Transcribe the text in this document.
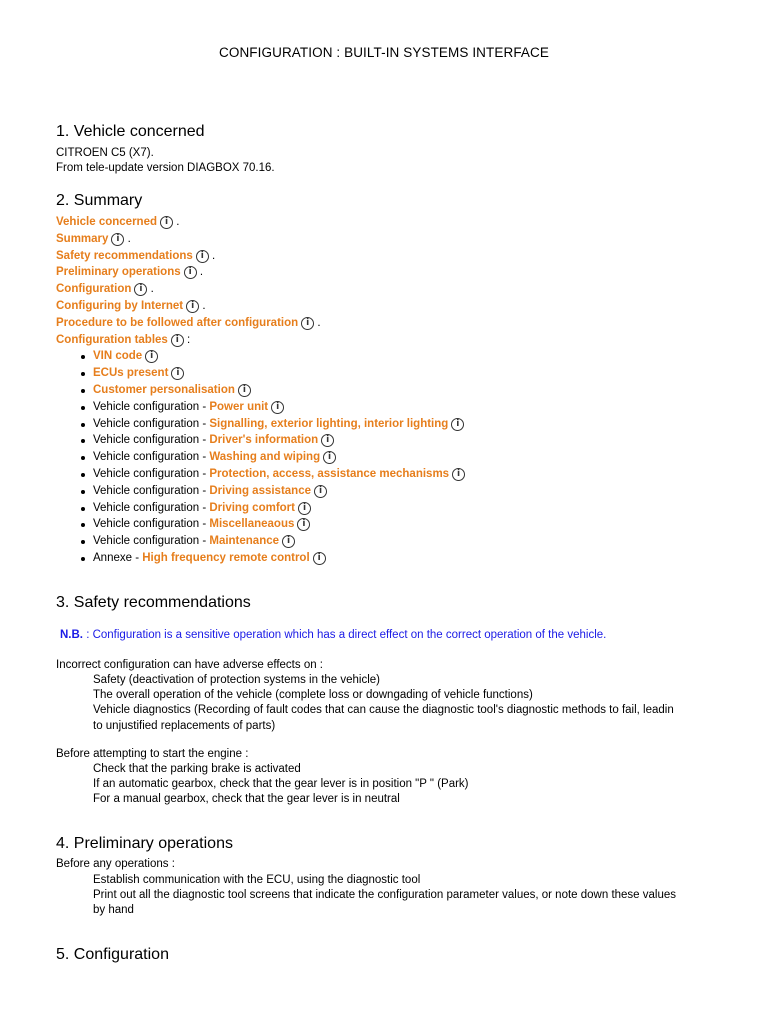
CONFIGURATION : BUILT-IN SYSTEMS INTERFACE
1. Vehicle concerned

CITROEN C5 (X7).

From tele-update version DIAGBOX 70.16.

2. Summary
Vehicle concerned i .
Summary i .
Safety recommendations i .
Preliminary operations i .
Configuration i .
Configuring by Internet i .
Procedure to be followed after configuration i .
Configuration tables i :
VIN code i
ECUs present i
Customer personalisation i
Vehicle configuration - Power unit i
Vehicle configuration - Signalling, exterior lighting, interior lighting i
Vehicle configuration - Driver's information i
Vehicle configuration - Washing and wiping i
Vehicle configuration - Protection, access, assistance mechanisms i
Vehicle configuration - Driving assistance i
Vehicle configuration - Driving comfort i
Vehicle configuration - Miscellaneaous i
Vehicle configuration - Maintenance i
Annexe - High frequency remote control i
3. Safety recommendations
N.B. : Configuration is a sensitive operation which has a direct effect on the correct operation of the vehicle.

Incorrect configuration can have adverse effects on :

Safety (deactivation of protection systems in the vehicle)
The overall operation of the vehicle (complete loss or downgading of vehicle functions)
Vehicle diagnostics (Recording of fault codes that can cause the diagnostic tool's diagnostic methods to fail, leadin
to unjustified replacements of parts)

Before attempting to start the engine :

Check that the parking brake is activated
If an automatic gearbox, check that the gear lever is in position "P " (Park)
For a manual gearbox, check that the gear lever is in neutral
4. Preliminary operations

Before any operations :

Establish communication with the ECU, using the diagnostic tool
Print out all the diagnostic tool screens that indicate the configuration parameter values, or note down these values
by hand
5. Configuration
